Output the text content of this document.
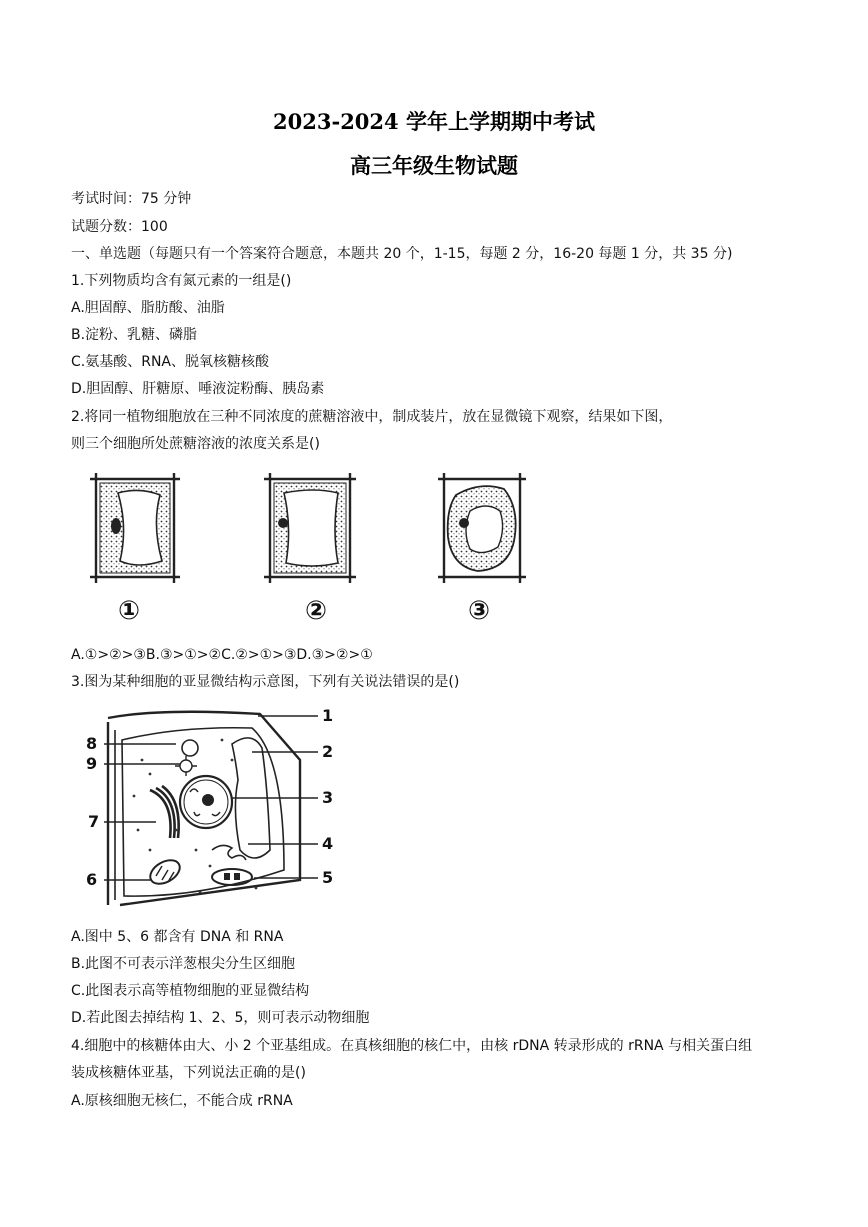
2023-2024 学年上学期期中考试
高三年级生物试题
考试时间：75 分钟
试题分数：100
一、单选题（每题只有一个答案符合题意，本题共 20 个，1-15，每题 2 分，16-20 每题 1 分，共 35 分)
1.下列物质均含有氮元素的一组是()
A.胆固醇、脂肪酸、油脂
B.淀粉、乳糖、磷脂
C.氨基酸、RNA、脱氧核糖核酸
D.胆固醇、肝糖原、唾液淀粉酶、胰岛素
2.将同一植物细胞放在三种不同浓度的蔗糖溶液中，制成装片，放在显微镜下观察，结果如下图，
则三个细胞所处蔗糖溶液的浓度关系是()
①	②	③
A.①>②>③B.③>①>②C.②>①>③D.③>②>①
3.图为某种细胞的亚显微结构示意图，下列有关说法错误的是()
1
2
3
4
5
6
7
8
9
A.图中 5、6 都含有 DNA 和 RNA
B.此图不可表示洋葱根尖分生区细胞
C.此图表示高等植物细胞的亚显微结构
D.若此图去掉结构 1、2、5，则可表示动物细胞
4.细胞中的核糖体由大、小 2 个亚基组成。在真核细胞的核仁中，由核 rDNA 转录形成的 rRNA 与相关蛋白组
装成核糖体亚基，下列说法正确的是()
A.原核细胞无核仁，不能合成 rRNA
